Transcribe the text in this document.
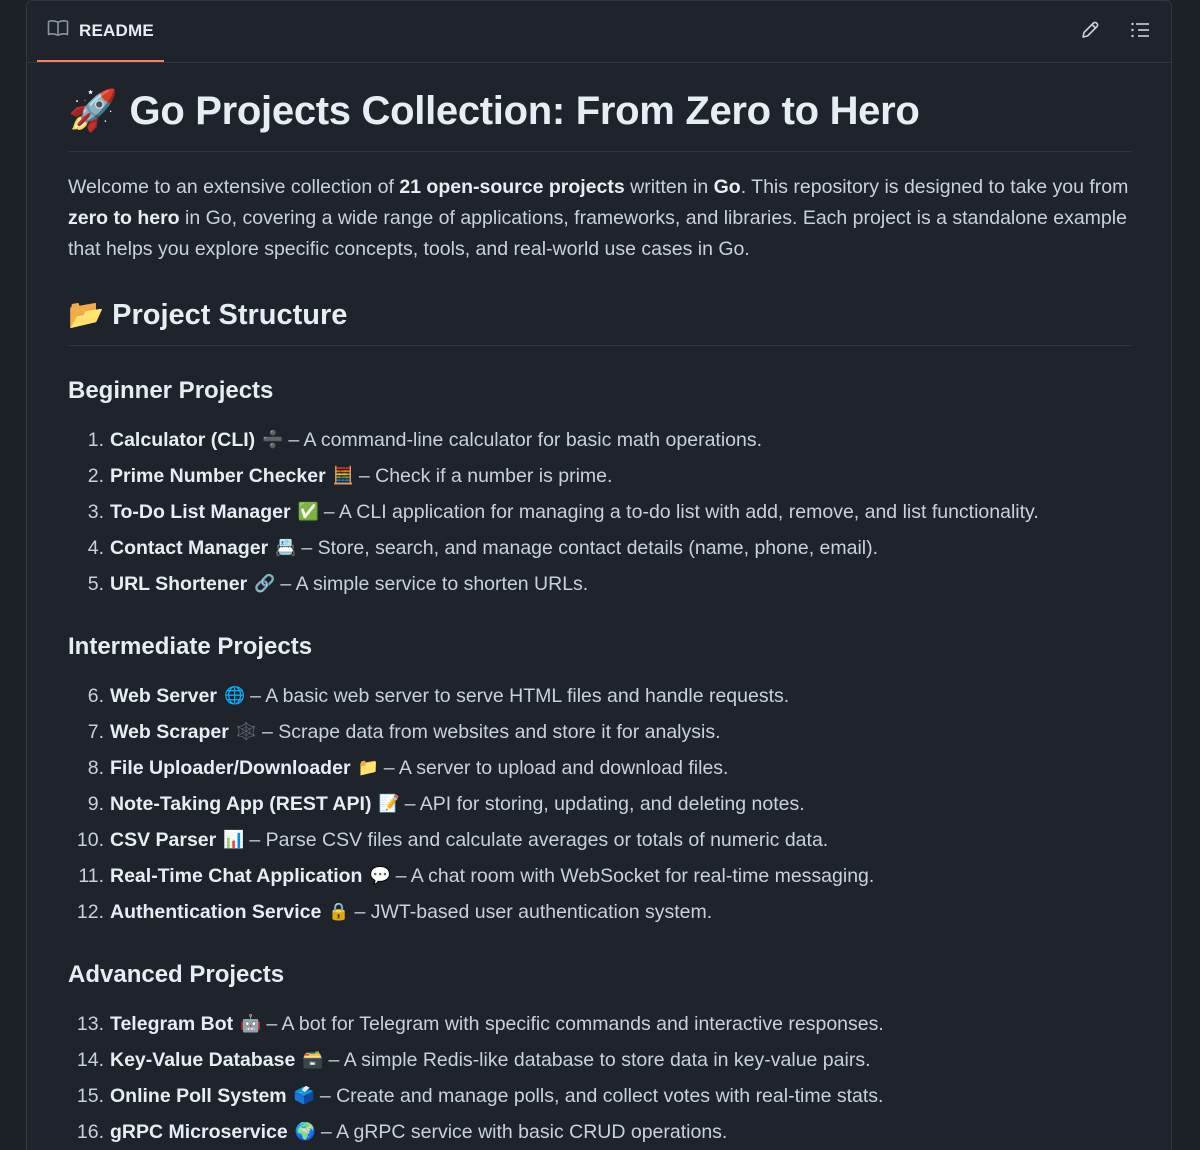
README
🚀 Go Projects Collection: From Zero to Hero

Welcome to an extensive collection of 21 open-source projects written in Go. This repository is designed to take you from zero to hero in Go, covering a wide range of applications, frameworks, and libraries. Each project is a standalone example that helps you explore specific concepts, tools, and real-world use cases in Go.

📂 Project Structure
Beginner Projects
1. Calculator (CLI) ➗ – A command-line calculator for basic math operations.
2. Prime Number Checker 🧮 – Check if a number is prime.
3. To-Do List Manager ✅ – A CLI application for managing a to-do list with add, remove, and list functionality.
4. Contact Manager 📇 – Store, search, and manage contact details (name, phone, email).
5. URL Shortener 🔗 – A simple service to shorten URLs.
Intermediate Projects
6. Web Server 🌐 – A basic web server to serve HTML files and handle requests.
7. Web Scraper 🕸️ – Scrape data from websites and store it for analysis.
8. File Uploader/Downloader 📁 – A server to upload and download files.
9. Note-Taking App (REST API) 📝 – API for storing, updating, and deleting notes.
10. CSV Parser 📊 – Parse CSV files and calculate averages or totals of numeric data.
11. Real-Time Chat Application 💬 – A chat room with WebSocket for real-time messaging.
12. Authentication Service 🔒 – JWT-based user authentication system.
Advanced Projects
13. Telegram Bot 🤖 – A bot for Telegram with specific commands and interactive responses.
14. Key-Value Database 🗃️ – A simple Redis-like database to store data in key-value pairs.
15. Online Poll System 🗳️ – Create and manage polls, and collect votes with real-time stats.
16. gRPC Microservice 🌍 – A gRPC service with basic CRUD operations.
